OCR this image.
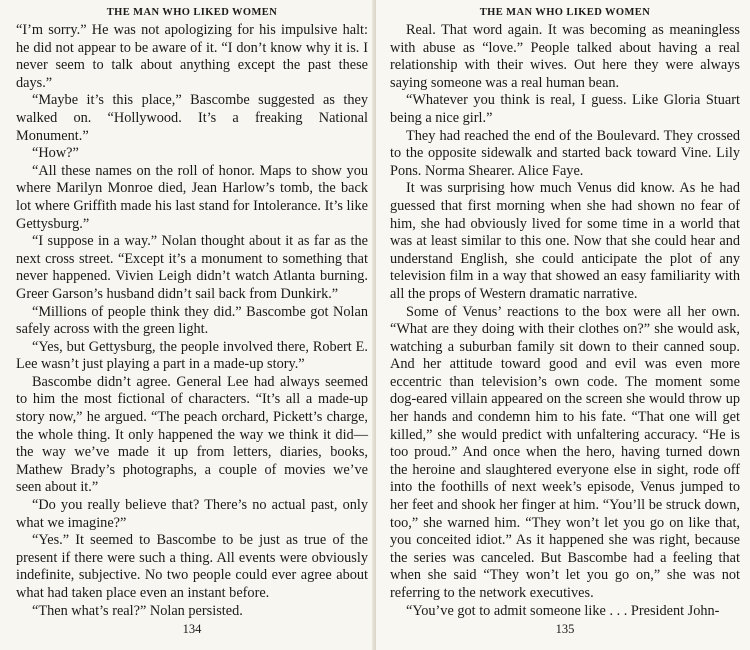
THE MAN WHO LIKED WOMEN

“I’m sorry.” He was not apologizing for his impulsive halt: he did not appear to be aware of it. “I don’t know why it is. I never seem to talk about anything except the past these days.”

“Maybe it’s this place,” Bascombe suggested as they walked on. “Hollywood. It’s a freaking National Monument.”

“How?”

“All these names on the roll of honor. Maps to show you where Marilyn Monroe died, Jean Harlow’s tomb, the back lot where Griffith made his last stand for Intolerance. It’s like Gettysburg.”

“I suppose in a way.” Nolan thought about it as far as the next cross street. “Except it’s a monument to something that never happened. Vivien Leigh didn’t watch Atlanta burning. Greer Garson’s husband didn’t sail back from Dunkirk.”

“Millions of people think they did.” Bascombe got Nolan safely across with the green light.

“Yes, but Gettysburg, the people involved there, Robert E. Lee wasn’t just playing a part in a made-up story.”

Bascombe didn’t agree. General Lee had always seemed to him the most fictional of characters. “It’s all a made-up story now,” he argued. “The peach orchard, Pickett’s charge, the whole thing. It only happened the way we think it did—the way we’ve made it up from letters, diaries, books, Mathew Brady’s photographs, a couple of movies we’ve seen about it.”

“Do you really believe that? There’s no actual past, only what we imagine?”

“Yes.” It seemed to Bascombe to be just as true of the present if there were such a thing. All events were obviously indefinite, subjective. No two people could ever agree about what had taken place even an instant before.

“Then what’s real?” Nolan persisted.

134
THE MAN WHO LIKED WOMEN

Real. That word again. It was becoming as meaningless with abuse as “love.” People talked about having a real relationship with their wives. Out here they were always saying someone was a real human bean.

“Whatever you think is real, I guess. Like Gloria Stuart being a nice girl.”

They had reached the end of the Boulevard. They crossed to the opposite sidewalk and started back toward Vine. Lily Pons. Norma Shearer. Alice Faye.

It was surprising how much Venus did know. As he had guessed that first morning when she had shown no fear of him, she had obviously lived for some time in a world that was at least similar to this one. Now that she could hear and understand English, she could anticipate the plot of any television film in a way that showed an easy familiarity with all the props of Western dramatic narrative.

Some of Venus’ reactions to the box were all her own. “What are they doing with their clothes on?” she would ask, watching a suburban family sit down to their canned soup. And her attitude toward good and evil was even more eccentric than television’s own code. The moment some dog-eared villain appeared on the screen she would throw up her hands and condemn him to his fate. “That one will get killed,” she would predict with unfaltering accuracy. “He is too proud.” And once when the hero, having turned down the heroine and slaughtered everyone else in sight, rode off into the foothills of next week’s episode, Venus jumped to her feet and shook her finger at him. “You’ll be struck down, too,” she warned him. “They won’t let you go on like that, you conceited idiot.” As it happened she was right, because the series was canceled. But Bascombe had a feeling that when she said “They won’t let you go on,” she was not referring to the network executives.

“You’ve got to admit someone like . . . President John-

135
